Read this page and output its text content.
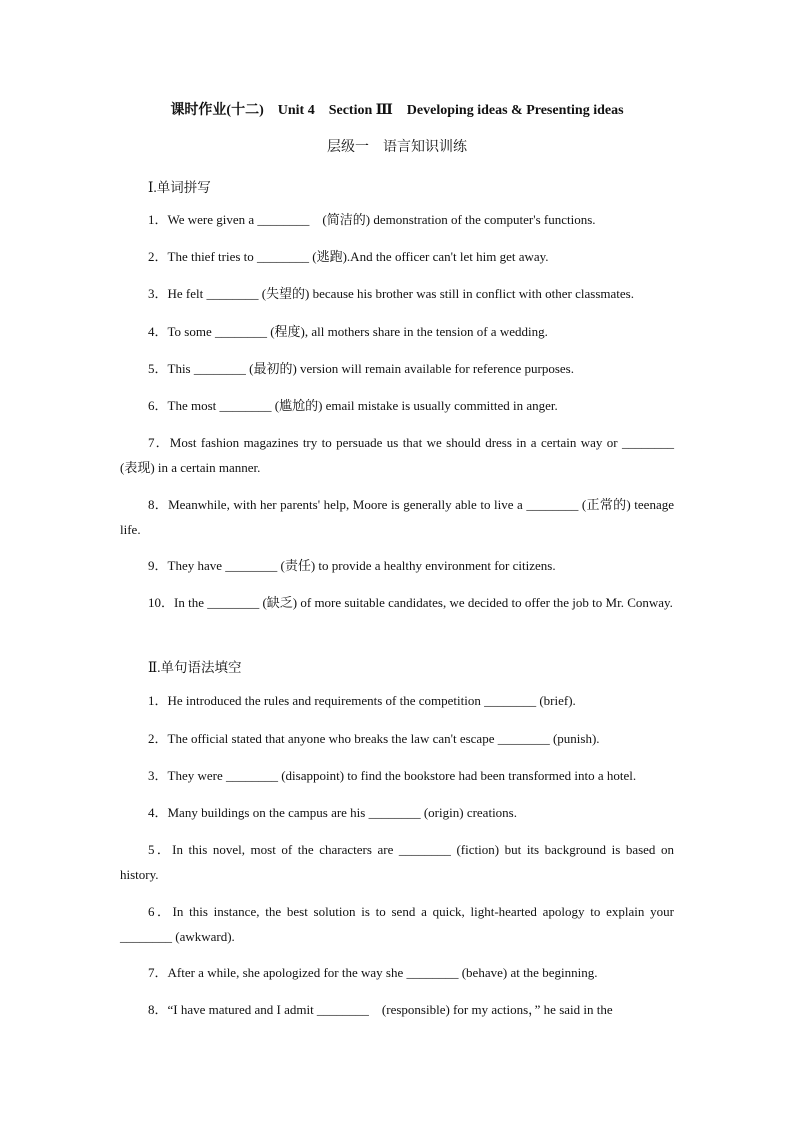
课时作业(十二)　Unit 4　Section Ⅲ　Developing ideas & Presenting ideas
层级一　语言知识训练
Ⅰ.单词拼写
1．We were given a ________　(简洁的) demonstration of the computer's functions.
2．The thief tries to ________ (逃跑).And the officer can't let him get away.
3．He felt ________ (失望的) because his brother was still in conflict with other classmates.
4．To some ________ (程度), all mothers share in the tension of a wedding.
5．This ________ (最初的) version will remain available for reference purposes.
6．The most ________ (尴尬的) email mistake is usually committed in anger.
7．Most fashion magazines try to persuade us that we should dress in a certain way or ________ (表现) in a certain manner.
8．Meanwhile, with her parents' help, Moore is generally able to live a ________ (正常的) teenage life.
9．They have ________ (责任) to provide a healthy environment for citizens.
10．In the ________ (缺乏) of more suitable candidates, we decided to offer the job to Mr. Conway.
Ⅱ.单句语法填空
1．He introduced the rules and requirements of the competition ________ (brief).
2．The official stated that anyone who breaks the law can't escape ________ (punish).
3．They were ________ (disappoint) to find the bookstore had been transformed into a hotel.
4．Many buildings on the campus are his ________ (origin) creations.
5．In this novel, most of the characters are ________ (fiction) but its background is based on history.
6．In this instance, the best solution is to send a quick, light-hearted apology to explain your ________ (awkward).
7．After a while, she apologized for the way she ________ (behave) at the beginning.
8．“I have matured and I admit ________　(responsible) for my actions，” he said in the
